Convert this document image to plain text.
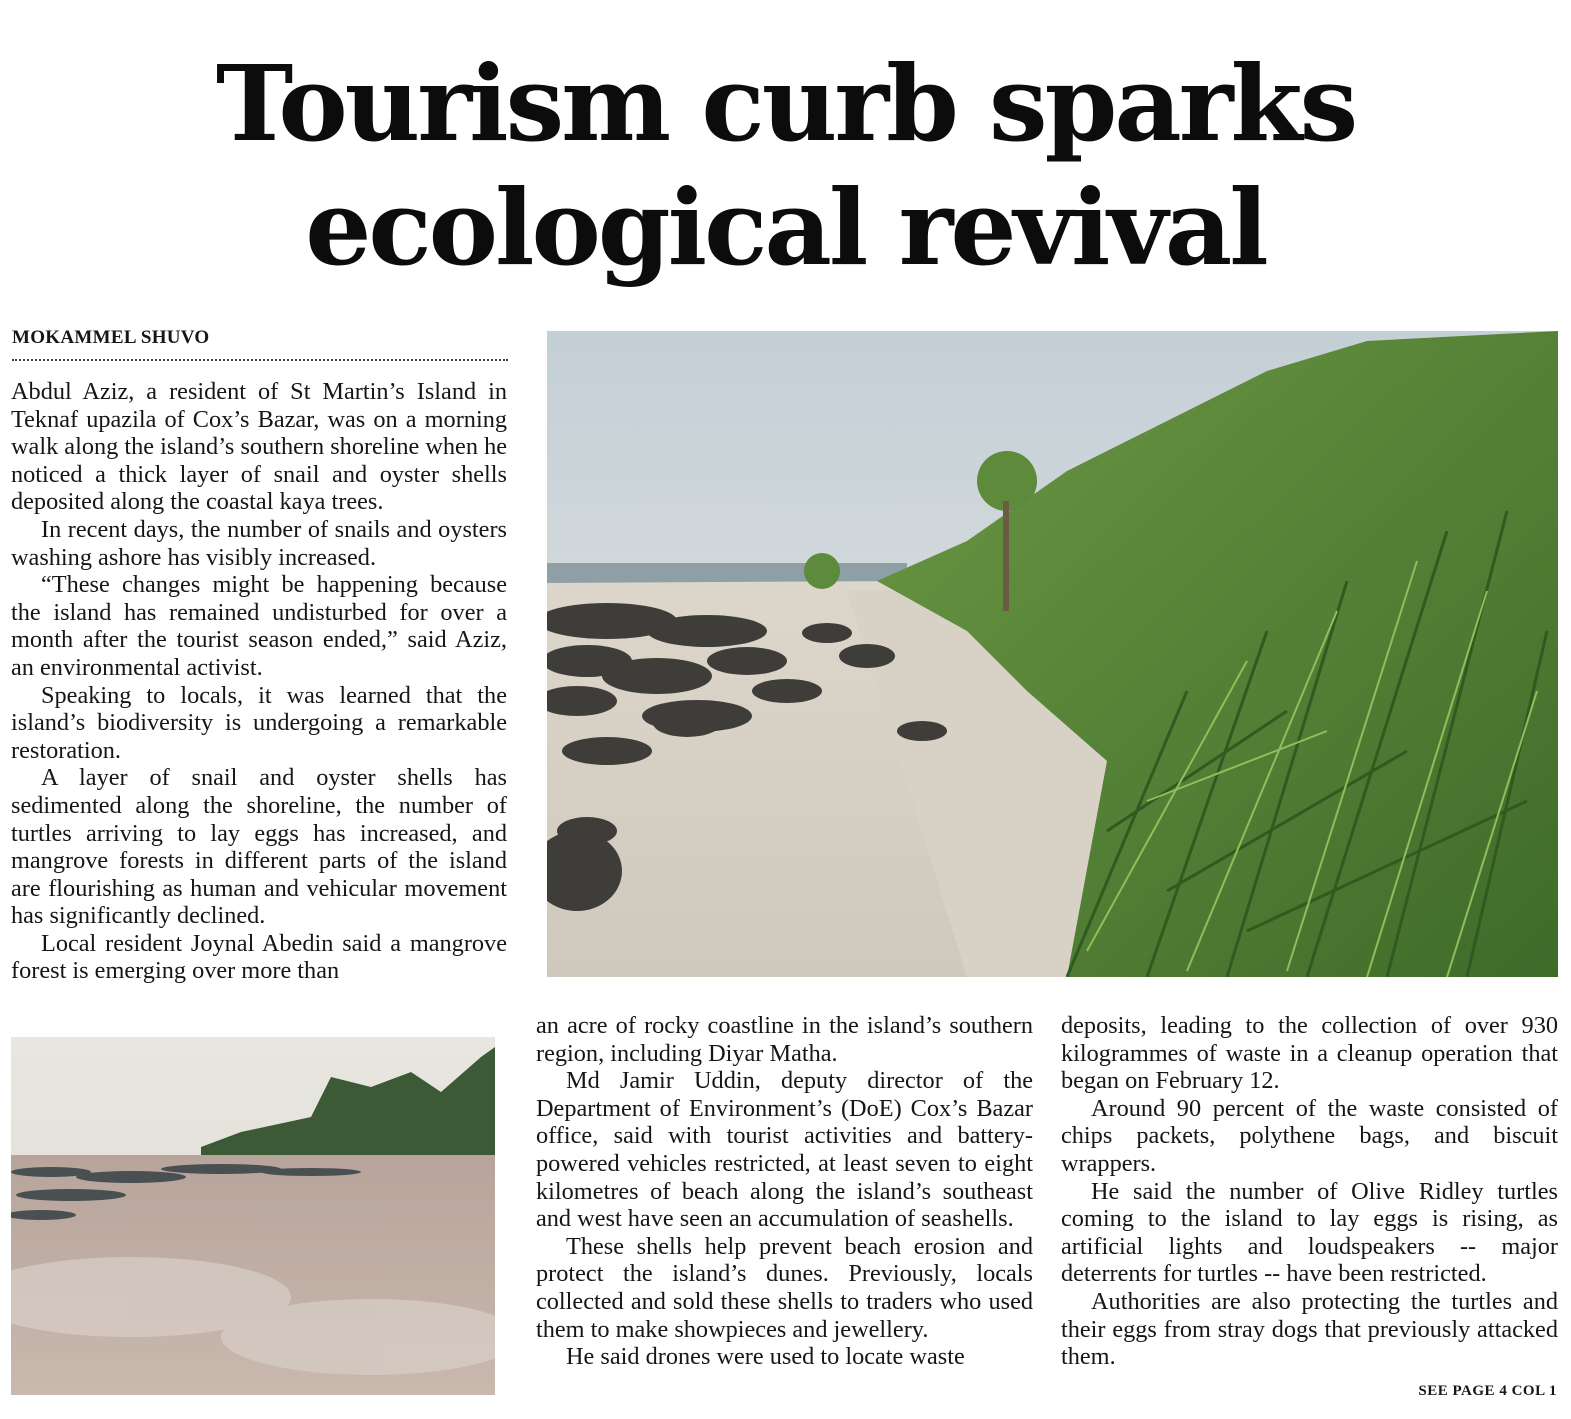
Tourism curb sparks
ecological revival
MOKAMMEL SHUVO

Abdul Aziz, a resident of St Martin’s Island in Teknaf upazila of Cox’s Bazar, was on a morning walk along the island’s southern shoreline when he noticed a thick layer of snail and oyster shells deposited along the coastal kaya trees.

In recent days, the number of snails and oysters washing ashore has visibly increased.

“These changes might be happening because the island has remained undisturbed for over a month after the tourist season ended,” said Aziz, an environmental activist.

Speaking to locals, it was learned that the island’s biodiversity is undergoing a remarkable restoration.

A layer of snail and oyster shells has sedimented along the shoreline, the number of turtles arriving to lay eggs has increased, and mangrove forests in different parts of the island are flourishing as human and vehicular movement has significantly declined.

Local resident Joynal Abedin said a mangrove forest is emerging over more than

an acre of rocky coastline in the island’s southern region, including Diyar Matha.

Md Jamir Uddin, deputy director of the Department of Environment’s (DoE) Cox’s Bazar office, said with tourist activities and battery-powered vehicles restricted, at least seven to eight kilometres of beach along the island’s southeast and west have seen an accumulation of seashells.

These shells help prevent beach erosion and protect the island’s dunes. Previously, locals collected and sold these shells to traders who used them to make showpieces and jewellery.

He said drones were used to locate waste

deposits, leading to the collection of over 930 kilogrammes of waste in a cleanup operation that began on February 12.

Around 90 percent of the waste consisted of chips packets, polythene bags, and biscuit wrappers.

He said the number of Olive Ridley turtles coming to the island to lay eggs is rising, as artificial lights and loudspeakers -- major deterrents for turtles -- have been restricted.

Authorities are also protecting the turtles and their eggs from stray dogs that previously attacked them.

SEE PAGE 4 COL 1
